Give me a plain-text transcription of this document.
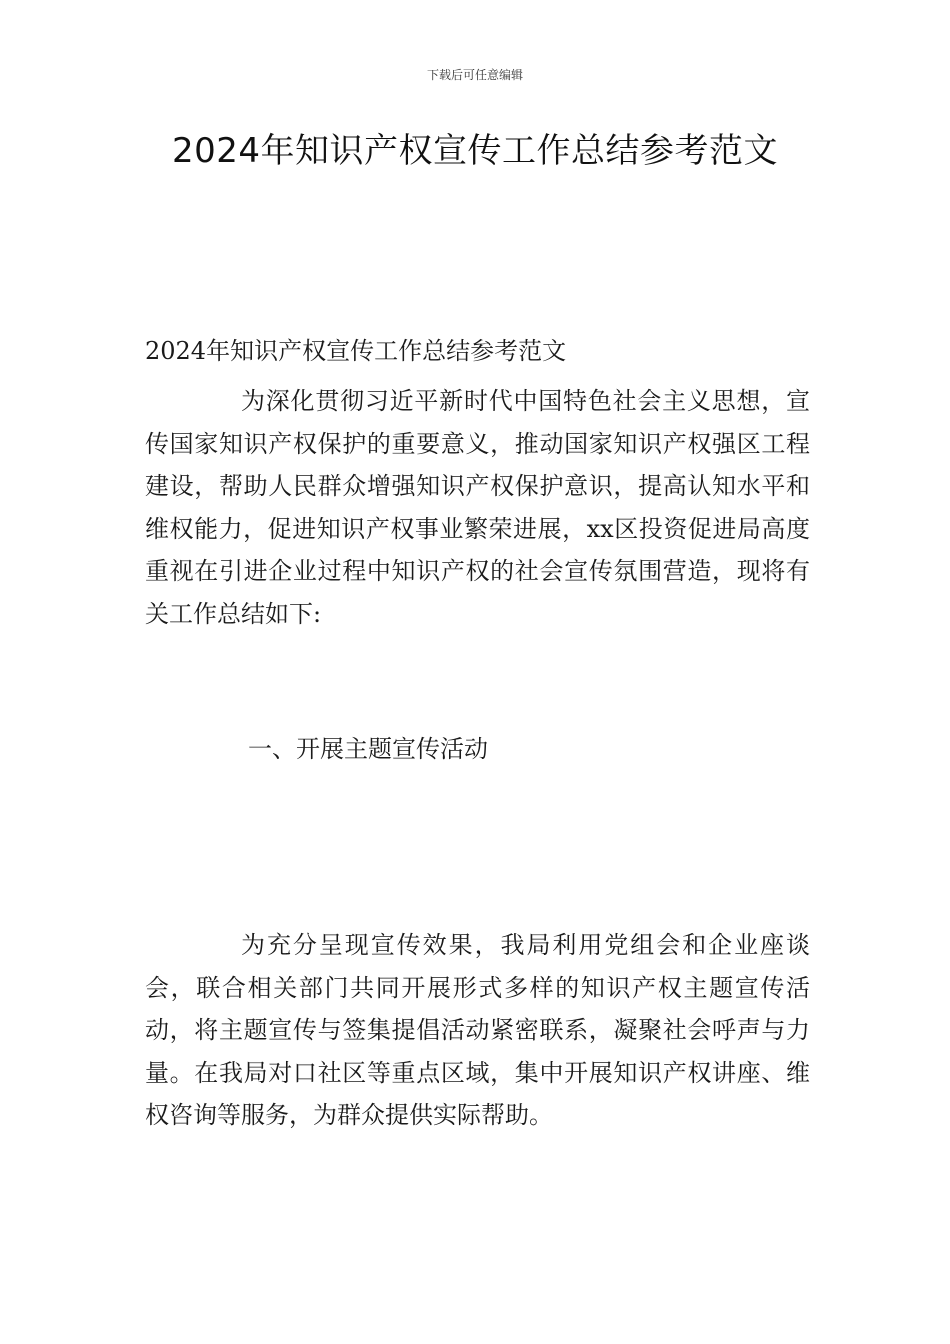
下载后可任意编辑
2024年知识产权宣传工作总结参考范文

2024年知识产权宣传工作总结参考范文

为深化贯彻习近平新时代中国特色社会主义思想，宣传国家知识产权保护的重要意义，推动国家知识产权强区工程建设，帮助人民群众增强知识产权保护意识，提高认知水平和维权能力，促进知识产权事业繁荣进展，xx区投资促进局高度重视在引进企业过程中知识产权的社会宣传氛围营造，现将有关工作总结如下:

一、开展主题宣传活动

为充分呈现宣传效果，我局利用党组会和企业座谈会，联合相关部门共同开展形式多样的知识产权主题宣传活动，将主题宣传与签集提倡活动紧密联系，凝聚社会呼声与力量。在我局对口社区等重点区域，集中开展知识产权讲座、维权咨询等服务，为群众提供实际帮助。
